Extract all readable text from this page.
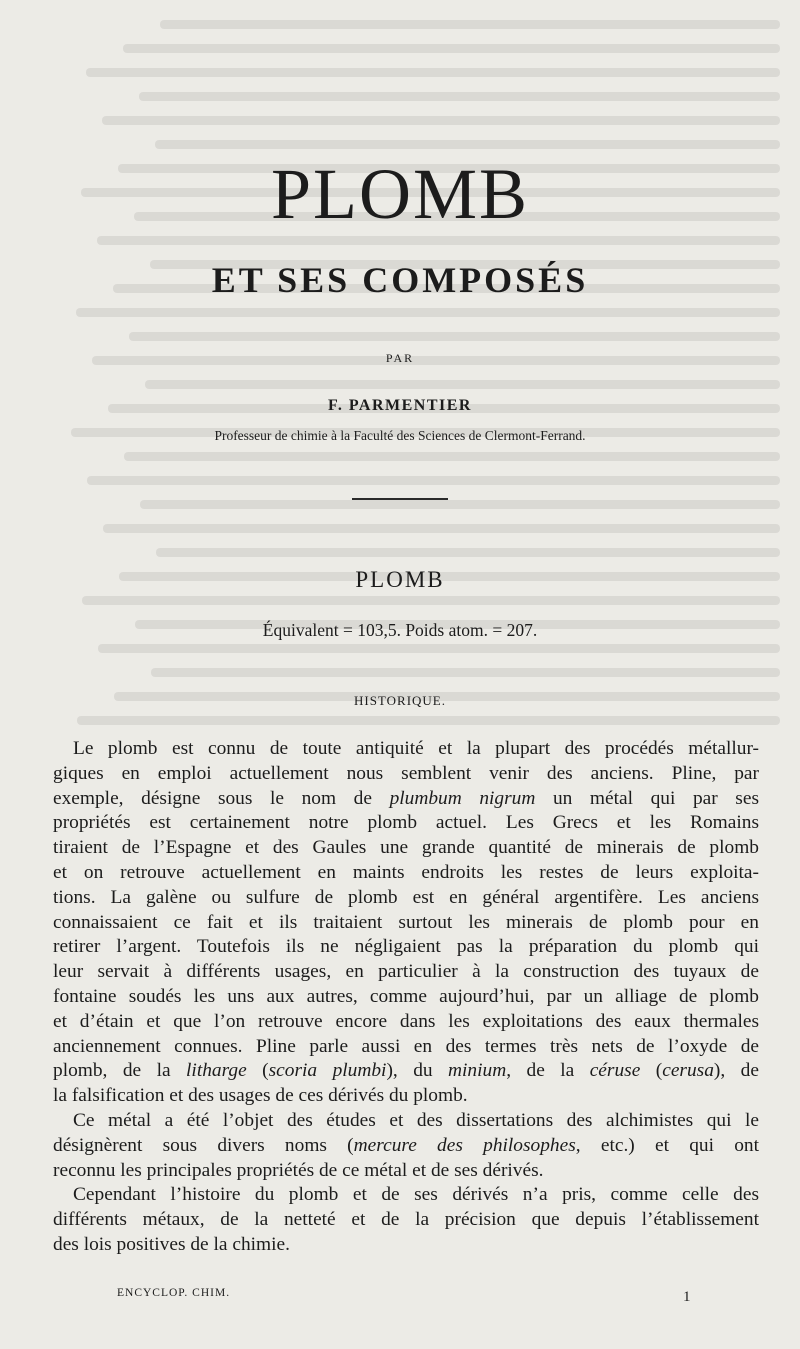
PLOMB
ET SES COMPOSÉS
PAR
F. PARMENTIER
Professeur de chimie à la Faculté des Sciences de Clermont-Ferrand.
PLOMB
Équivalent = 103,5. Poids atom. = 207.
HISTORIQUE.
Le plomb est connu de toute antiquité et la plupart des procédés métallur-
giques en emploi actuellement nous semblent venir des anciens. Pline, par
exemple, désigne sous le nom de plumbum nigrum un métal qui par ses
propriétés est certainement notre plomb actuel. Les Grecs et les Romains
tiraient de l’Espagne et des Gaules une grande quantité de minerais de plomb
et on retrouve actuellement en maints endroits les restes de leurs exploita-
tions. La galène ou sulfure de plomb est en général argentifère. Les anciens
connaissaient ce fait et ils traitaient surtout les minerais de plomb pour en
retirer l’argent. Toutefois ils ne négligaient pas la préparation du plomb qui
leur servait à différents usages, en particulier à la construction des tuyaux de
fontaine soudés les uns aux autres, comme aujourd’hui, par un alliage de plomb
et d’étain et que l’on retrouve encore dans les exploitations des eaux thermales
anciennement connues. Pline parle aussi en des termes très nets de l’oxyde de
plomb, de la litharge (scoria plumbi), du minium, de la céruse (cerusa), de
la falsification et des usages de ces dérivés du plomb.
Ce métal a été l’objet des études et des dissertations des alchimistes qui le
désignèrent sous divers noms (mercure des philosophes, etc.) et qui ont
reconnu les principales propriétés de ce métal et de ses dérivés.
Cependant l’histoire du plomb et de ses dérivés n’a pris, comme celle des
différents métaux, de la netteté et de la précision que depuis l’établissement
des lois positives de la chimie.
ENCYCLOP. CHIM.	1
